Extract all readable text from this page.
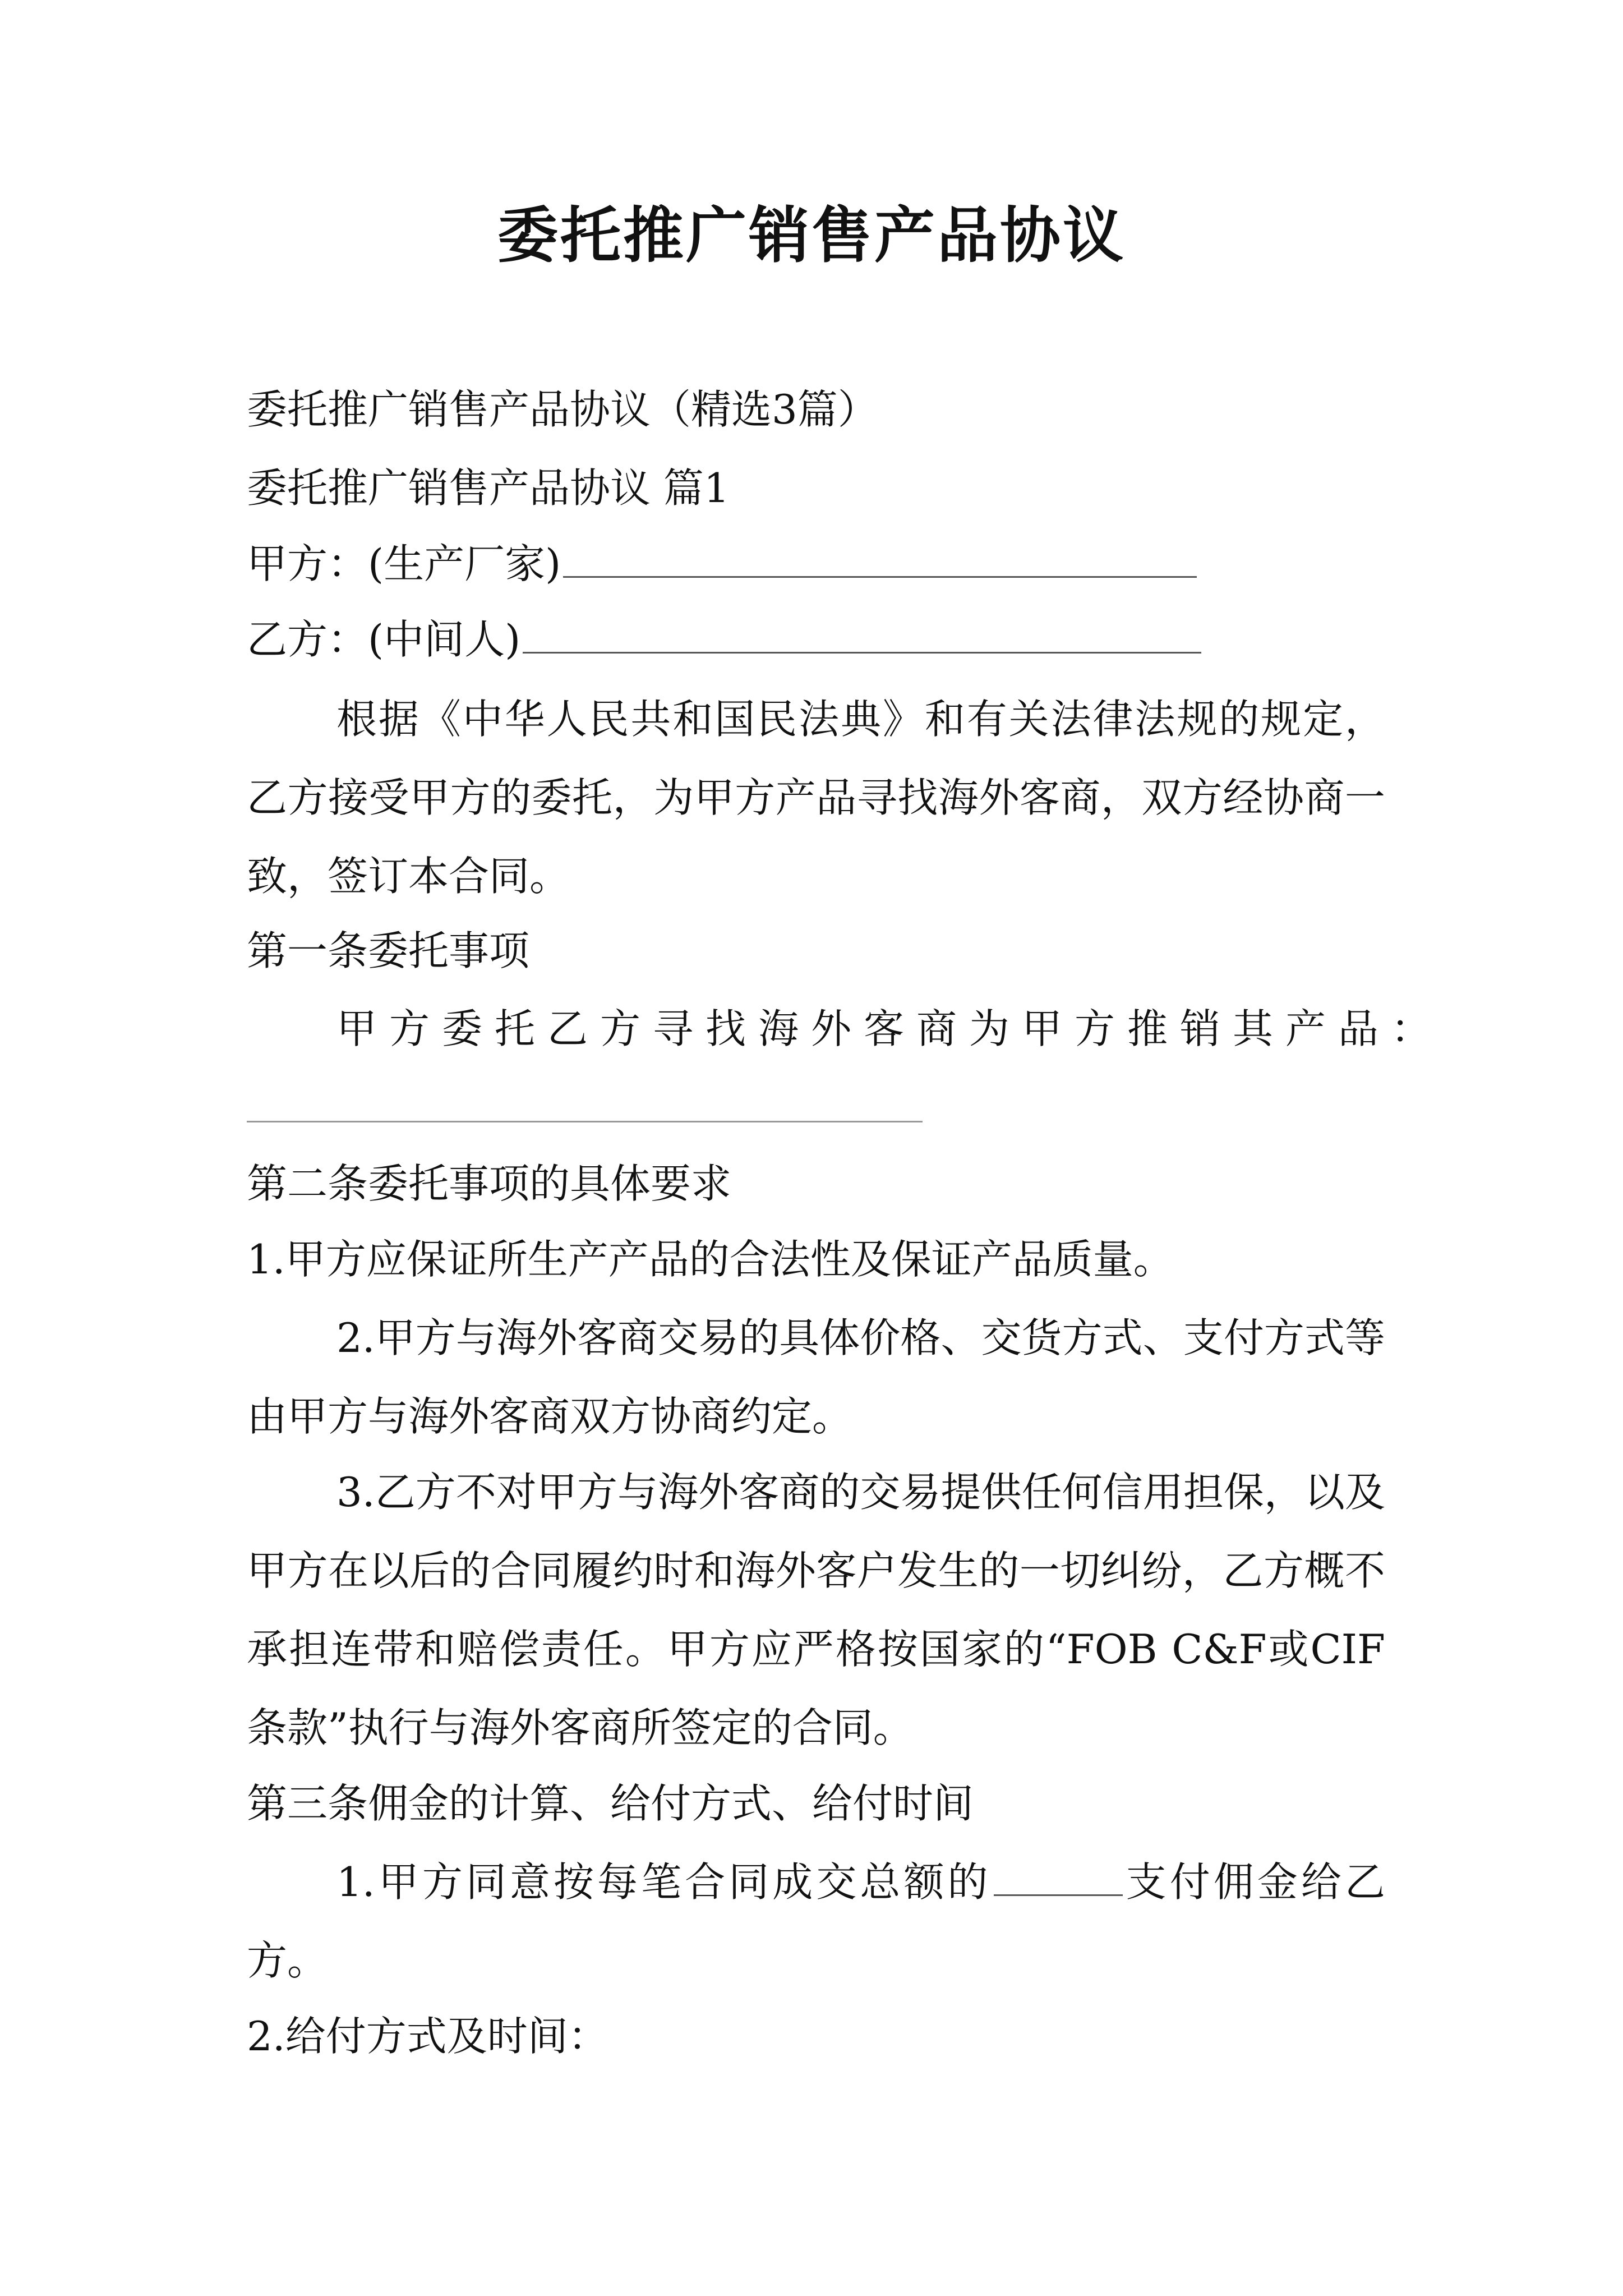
委托推广销售产品协议

委托推广销售产品协议（精选3篇）

委托推广销售产品协议 篇1

甲方：(生产厂家)

乙方：(中间人)

根据《中华人民共和国民法典》和有关法律法规的规定，乙方接受甲方的委托，为甲方产品寻找海外客商，双方经协商一致，签订本合同。

第一条委托事项

甲方委托乙方寻找海外客商为甲方推销其产品：

第二条委托事项的具体要求

1.甲方应保证所生产产品的合法性及保证产品质量。

2.甲方与海外客商交易的具体价格、交货方式、支付方式等由甲方与海外客商双方协商约定。

3.乙方不对甲方与海外客商的交易提供任何信用担保，以及甲方在以后的合同履约时和海外客户发生的一切纠纷，乙方概不承担连带和赔偿责任。甲方应严格按国家的“FOB C&F或CIF条款”执行与海外客商所签定的合同。

第三条佣金的计算、给付方式、给付时间

1.甲方同意按每笔合同成交总额的	支付佣金给乙方。

2.给付方式及时间：
